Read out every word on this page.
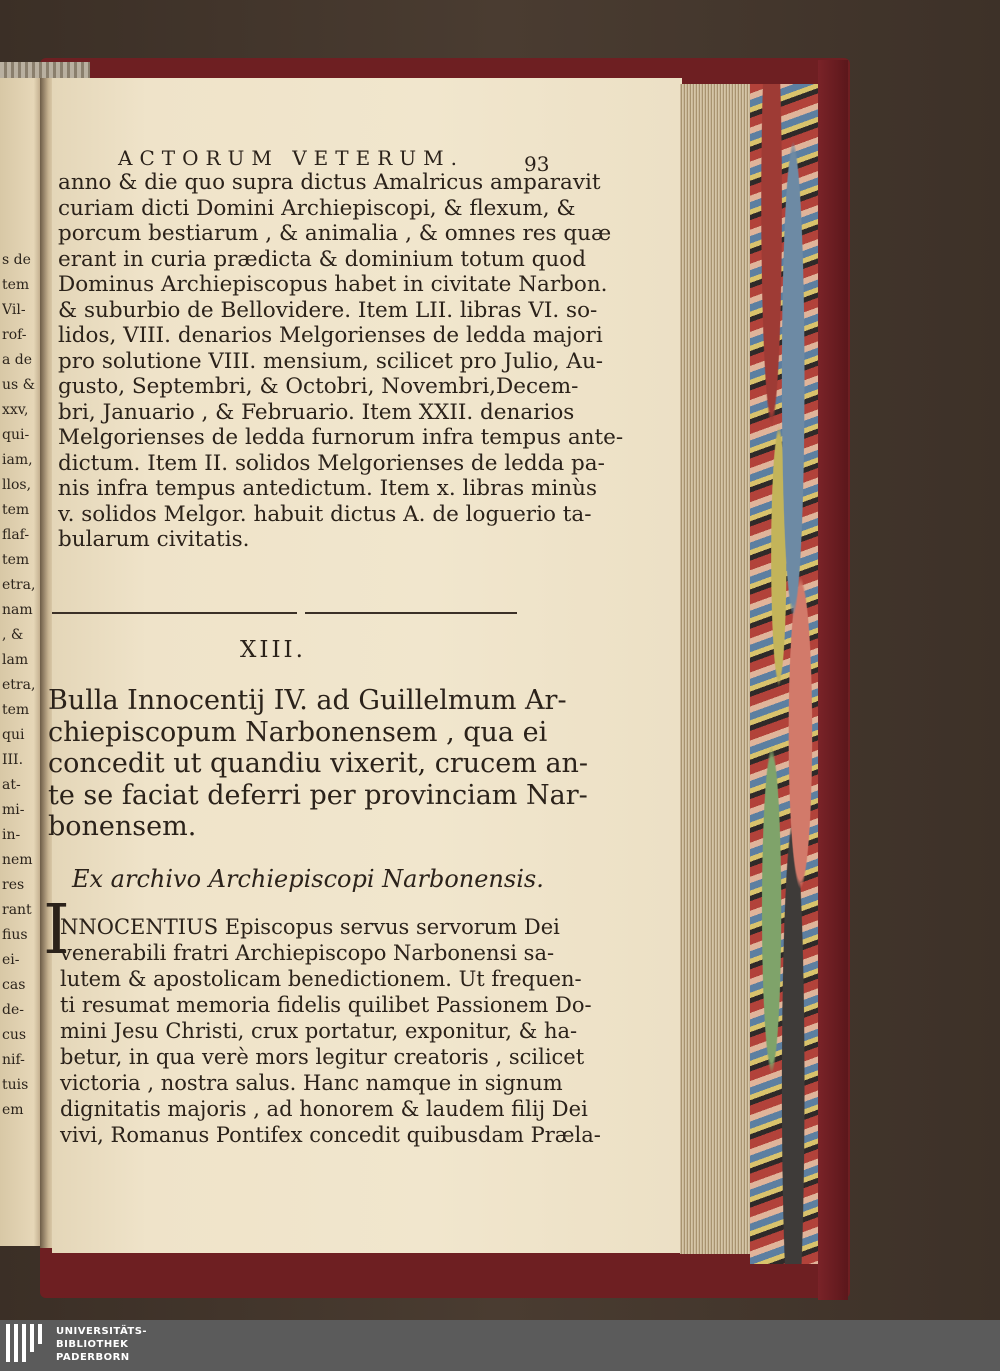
s de
tem
Vil-
rof-
a de
us &
xxv,
qui-
iam,
llos,
tem
flaf-
tem
etra,
nam
, &
lam
etra,
tem
qui
III.
at-
mi-
in-
nem
res
rant
fius
ei-
cas
de-
cus
nif-
tuis
em
ACTORUM VETERUM.	93
anno & die quo supra dictus Amalricus amparavit
curiam dicti Domini Archiepiscopi, & flexum, &
porcum bestiarum , & animalia , & omnes res quæ
erant in curia prædicta & dominium totum quod
Dominus Archiepiscopus habet in civitate Narbon.
& suburbio de Bellovidere. Item LII. libras VI. so-
lidos, VIII. denarios Melgorienses de ledda majori
pro solutione VIII. mensium, scilicet pro Julio, Au-
gusto, Septembri, & Octobri, Novembri,Decem-
bri, Januario , & Februario. Item XXII. denarios
Melgorienses de ledda furnorum infra tempus ante-
dictum. Item II. solidos Melgorienses de ledda pa-
nis infra tempus antedictum. Item x. libras minùs
v. solidos Melgor. habuit dictus A. de loguerio ta-
bularum civitatis.
XIII.
Bulla Innocentij IV. ad Guillelmum Ar-
chiepiscopum Narbonensem , qua ei
concedit ut quandiu vixerit, crucem an-
te se faciat deferri per provinciam Nar-
bonensem.
Ex archivo Archiepiscopi Narbonensis.
I
NNOCENTIUS Episcopus servus servorum Dei
venerabili fratri Archiepiscopo Narbonensi sa-
lutem & apostolicam benedictionem. Ut frequen-
ti resumat memoria fidelis quilibet Passionem Do-
mini Jesu Christi, crux portatur, exponitur, & ha-
betur, in qua verè mors legitur creatoris , scilicet
victoria , nostra salus. Hanc namque in signum
dignitatis majoris , ad honorem & laudem filij Dei
vivi, Romanus Pontifex concedit quibusdam Præla-
UNIVERSITÄTS-
BIBLIOTHEK
PADERBORN
